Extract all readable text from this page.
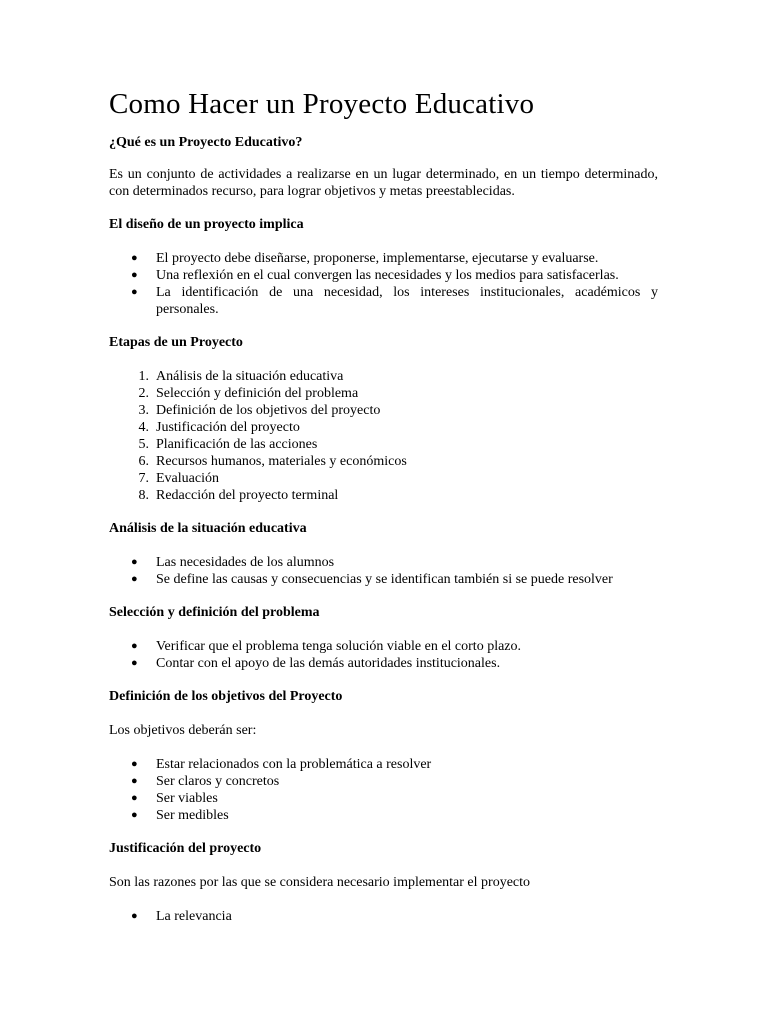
Como Hacer un Proyecto Educativo

¿Qué es un Proyecto Educativo?

Es un conjunto de actividades a realizarse en un lugar determinado, en un tiempo determinado, con determinados recurso, para lograr objetivos y metas preestablecidas.

El diseño de un proyecto implica

● El proyecto debe diseñarse, proponerse, implementarse, ejecutarse y evaluarse.
● Una reflexión en el cual convergen las necesidades y los medios para satisfacerlas.
● La identificación de una necesidad, los intereses institucionales, académicos y personales.

Etapas de un Proyecto

1. Análisis de la situación educativa
2. Selección y definición del problema
3. Definición de los objetivos del proyecto
4. Justificación del proyecto
5. Planificación de las acciones
6. Recursos humanos, materiales y económicos
7. Evaluación
8. Redacción del proyecto terminal

Análisis de la situación educativa

● Las necesidades de los alumnos
● Se define las causas y consecuencias y se identifican también si se puede resolver

Selección y definición del problema

● Verificar que el problema tenga solución viable en el corto plazo.
● Contar con el apoyo de las demás autoridades institucionales.

Definición de los objetivos del Proyecto

Los objetivos deberán ser:

● Estar relacionados con la problemática a resolver
● Ser claros y concretos
● Ser viables
● Ser medibles

Justificación del proyecto

Son las razones por las que se considera necesario implementar el proyecto

● La relevancia
